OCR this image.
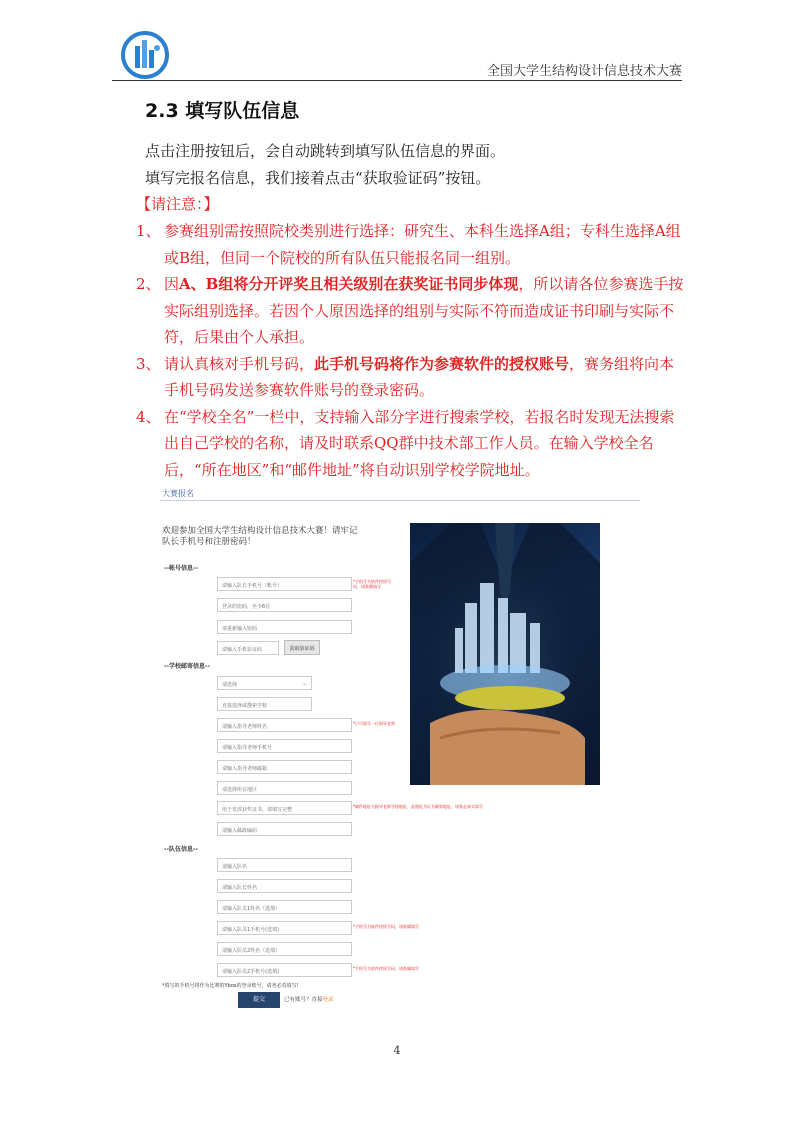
全国大学生结构设计信息技术大赛
2.3 填写队伍信息
点击注册按钮后，会自动跳转到填写队伍信息的界面。
填写完报名信息，我们接着点击“获取验证码”按钮。
【请注意：】
1、 参赛组别需按照院校类别进行选择：研究生、本科生选择A组；专科生选择A组或B组，但同一个院校的所有队伍只能报名同一组别。
2、 因A、B组将分开评奖且相关级别在获奖证书同步体现，所以请各位参赛选手按实际组别选择。若因个人原因选择的组别与实际不符而造成证书印刷与实际不符，后果由个人承担。
3、 请认真核对手机号码，此手机号码将作为参赛软件的授权账号，赛务组将向本手机号码发送参赛软件账号的登录密码。
4、 在“学校全名”一栏中，支持输入部分字进行搜索学校，若报名时发现无法搜索出自己学校的名称，请及时联系QQ群中技术部工作人员。在输入学校全名后，“所在地区”和“邮件地址”将自动识别学校学院地址。
大赛报名
欢迎参加全国大学生结构设计信息技术大赛！请牢记队长手机号和注册密码！
--帐号信息--
请输入队长手机号（帐号）
*手机号为软件授权号码，请准确填写
登录的密码，至少6位
请重新输入密码
请输入手机验证码	获取验证码
--学校邮寄信息--
请选择	⌄
直接选择或搜索学校
请输入指导老师姓名
*只可填写一位指导老师
请输入指导老师手机号
请输入指导老师邮箱
请选择所在地区
用于发放获奖证书，请填写完整
*邮件地址为指导老师学校地址，此地址为证书邮寄地址，请务必真实填写
请输入邮政编码
--队伍信息--
请输入队名
请输入队长姓名
请输入队员1姓名（选填）
请输入队员1手机号(选填)
*手机号为软件授权号码，请准确填写
请输入队员2姓名（选填）
请输入队员2手机号(选填)
*手机号为软件授权号码，请准确填写
*填写的手机号将作为比赛的Ybox的登录账号，请务必真填写!
提交	已有账号？直接登录
4
